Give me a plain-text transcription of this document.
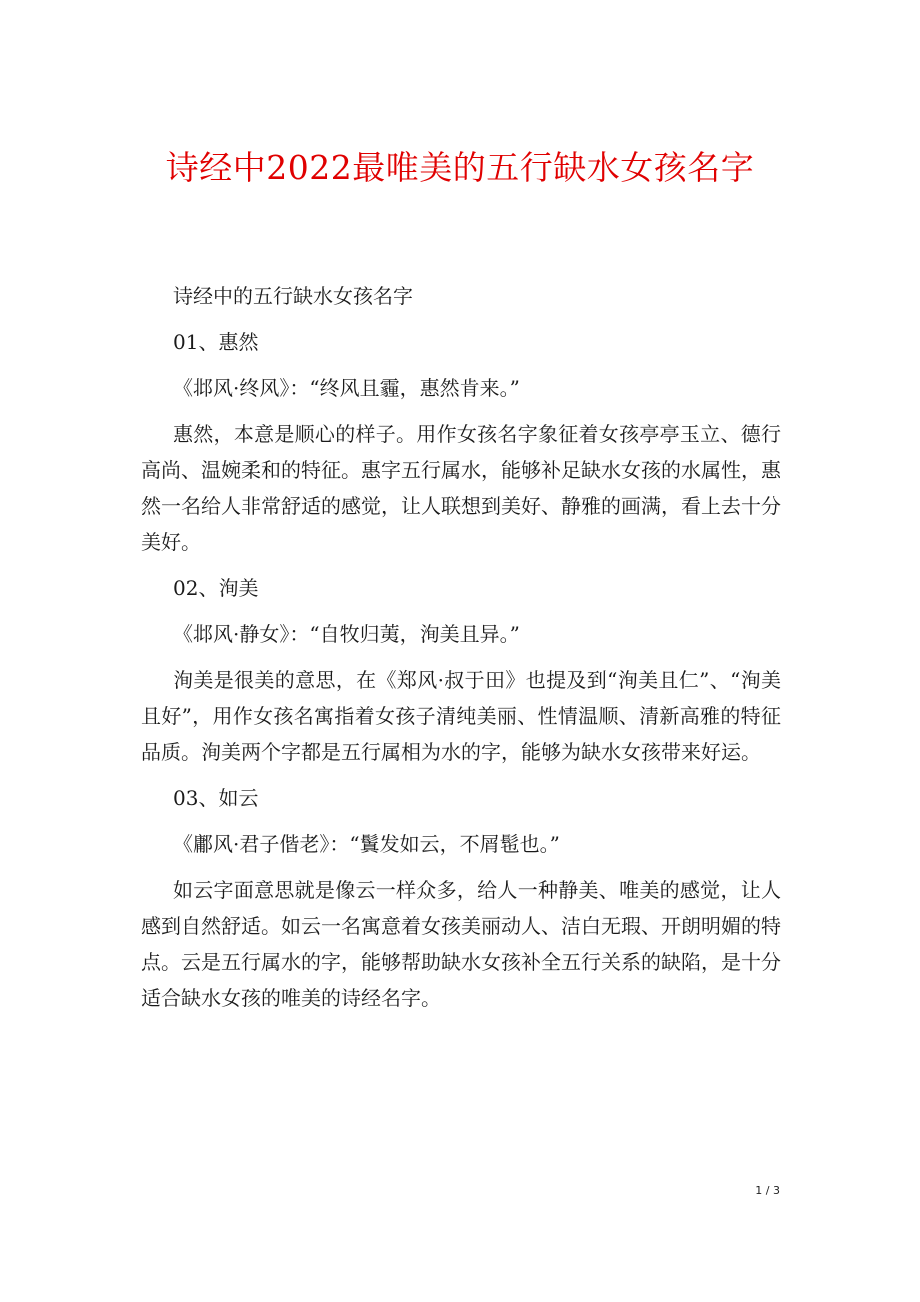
诗经中2022最唯美的五行缺水女孩名字

诗经中的五行缺水女孩名字

01、惠然

《邶风·终风》：“终风且霾，惠然肯来。”

惠然，本意是顺心的样子。用作女孩名字象征着女孩亭亭玉立、德行高尚、温婉柔和的特征。惠字五行属水，能够补足缺水女孩的水属性，惠然一名给人非常舒适的感觉，让人联想到美好、静雅的画满，看上去十分美好。

02、洵美

《邶风·静女》：“自牧归荑，洵美且异。”

洵美是很美的意思，在《郑风·叔于田》也提及到“洵美且仁”、“洵美且好”，用作女孩名寓指着女孩子清纯美丽、性情温顺、清新高雅的特征品质。洵美两个字都是五行属相为水的字，能够为缺水女孩带来好运。

03、如云

《鄘风·君子偕老》：“鬒发如云，不屑髢也。”

如云字面意思就是像云一样众多，给人一种静美、唯美的感觉，让人感到自然舒适。如云一名寓意着女孩美丽动人、洁白无瑕、开朗明媚的特点。云是五行属水的字，能够帮助缺水女孩补全五行关系的缺陷，是十分适合缺水女孩的唯美的诗经名字。

1 / 3
